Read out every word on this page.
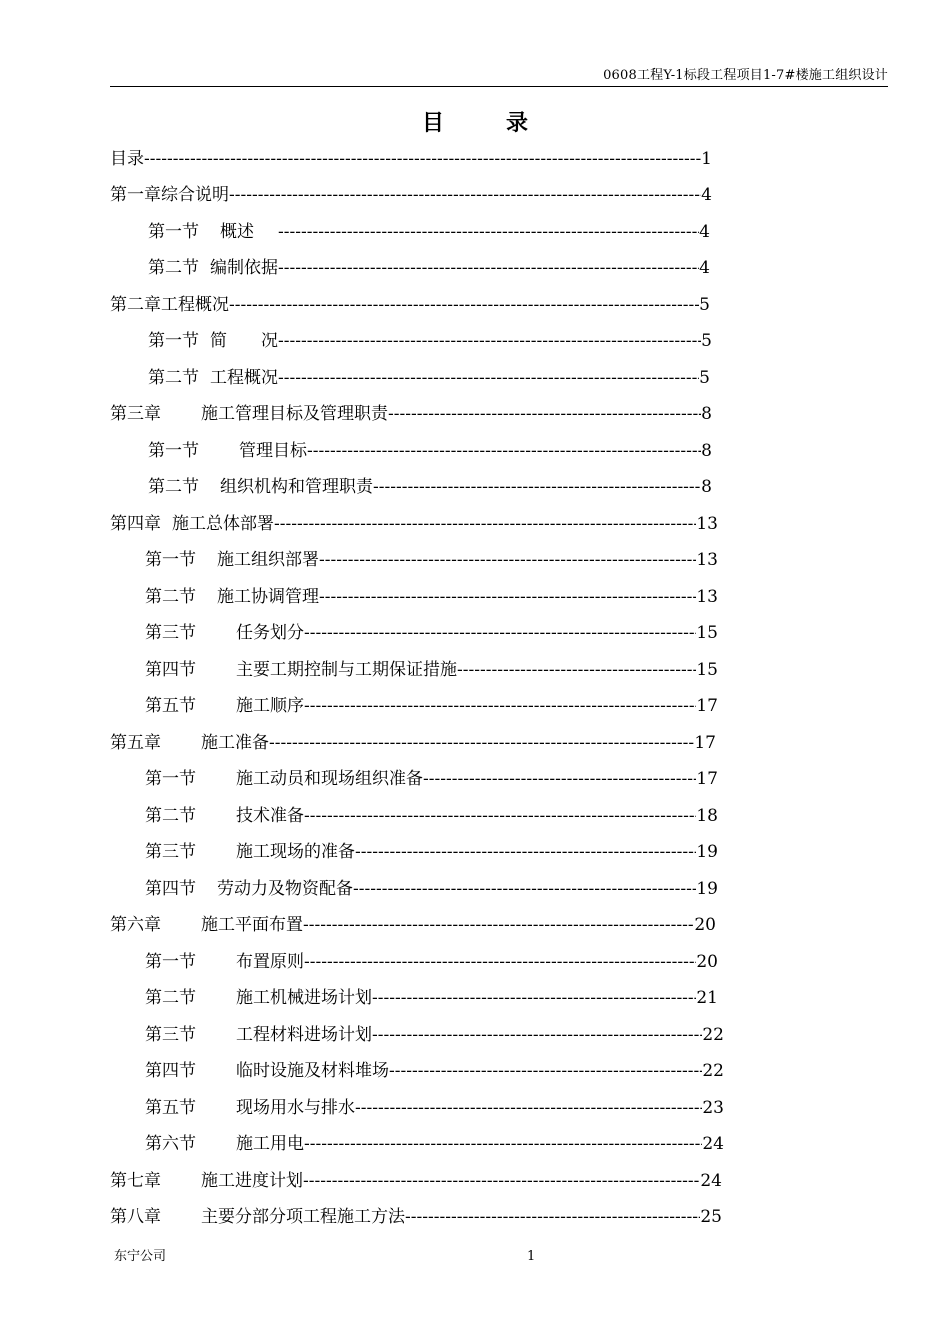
0608工程Y-1标段工程项目1-7#楼施工组织设计
目	录
目录 -----	1
第一章 综合说明 -----	4
第一节 概述 -----	4
第二节 编制依据 -----	4
第二章 工程概况 -----	5
第一节 简　　况 -----	5
第二节 工程概况 -----	5
第三章 施工管理目标及管理职责 -----	8
第一节 管理目标 -----	8
第二节 组织机构和管理职责 -----	8
第四章 施工总体部署 -----	13
第一节 施工组织部署 -----	13
第二节 施工协调管理 -----	13
第三节 任务划分 -----	15
第四节 主要工期控制与工期保证措施 -----	15
第五节 施工顺序 -----	17
第五章 施工准备 -----	17
第一节 施工动员和现场组织准备 -----	17
第二节 技术准备 -----	18
第三节 施工现场的准备 -----	19
第四节 劳动力及物资配备 -----	19
第六章 施工平面布置 -----	20
第一节 布置原则 -----	20
第二节 施工机械进场计划 -----	21
第三节 工程材料进场计划 -----	22
第四节 临时设施及材料堆场 -----	22
第五节 现场用水与排水 -----	23
第六节 施工用电 -----	24
第七章 施工进度计划 -----	24
第八章 主要分部分项工程施工方法 -----	25
东宁公司	1
